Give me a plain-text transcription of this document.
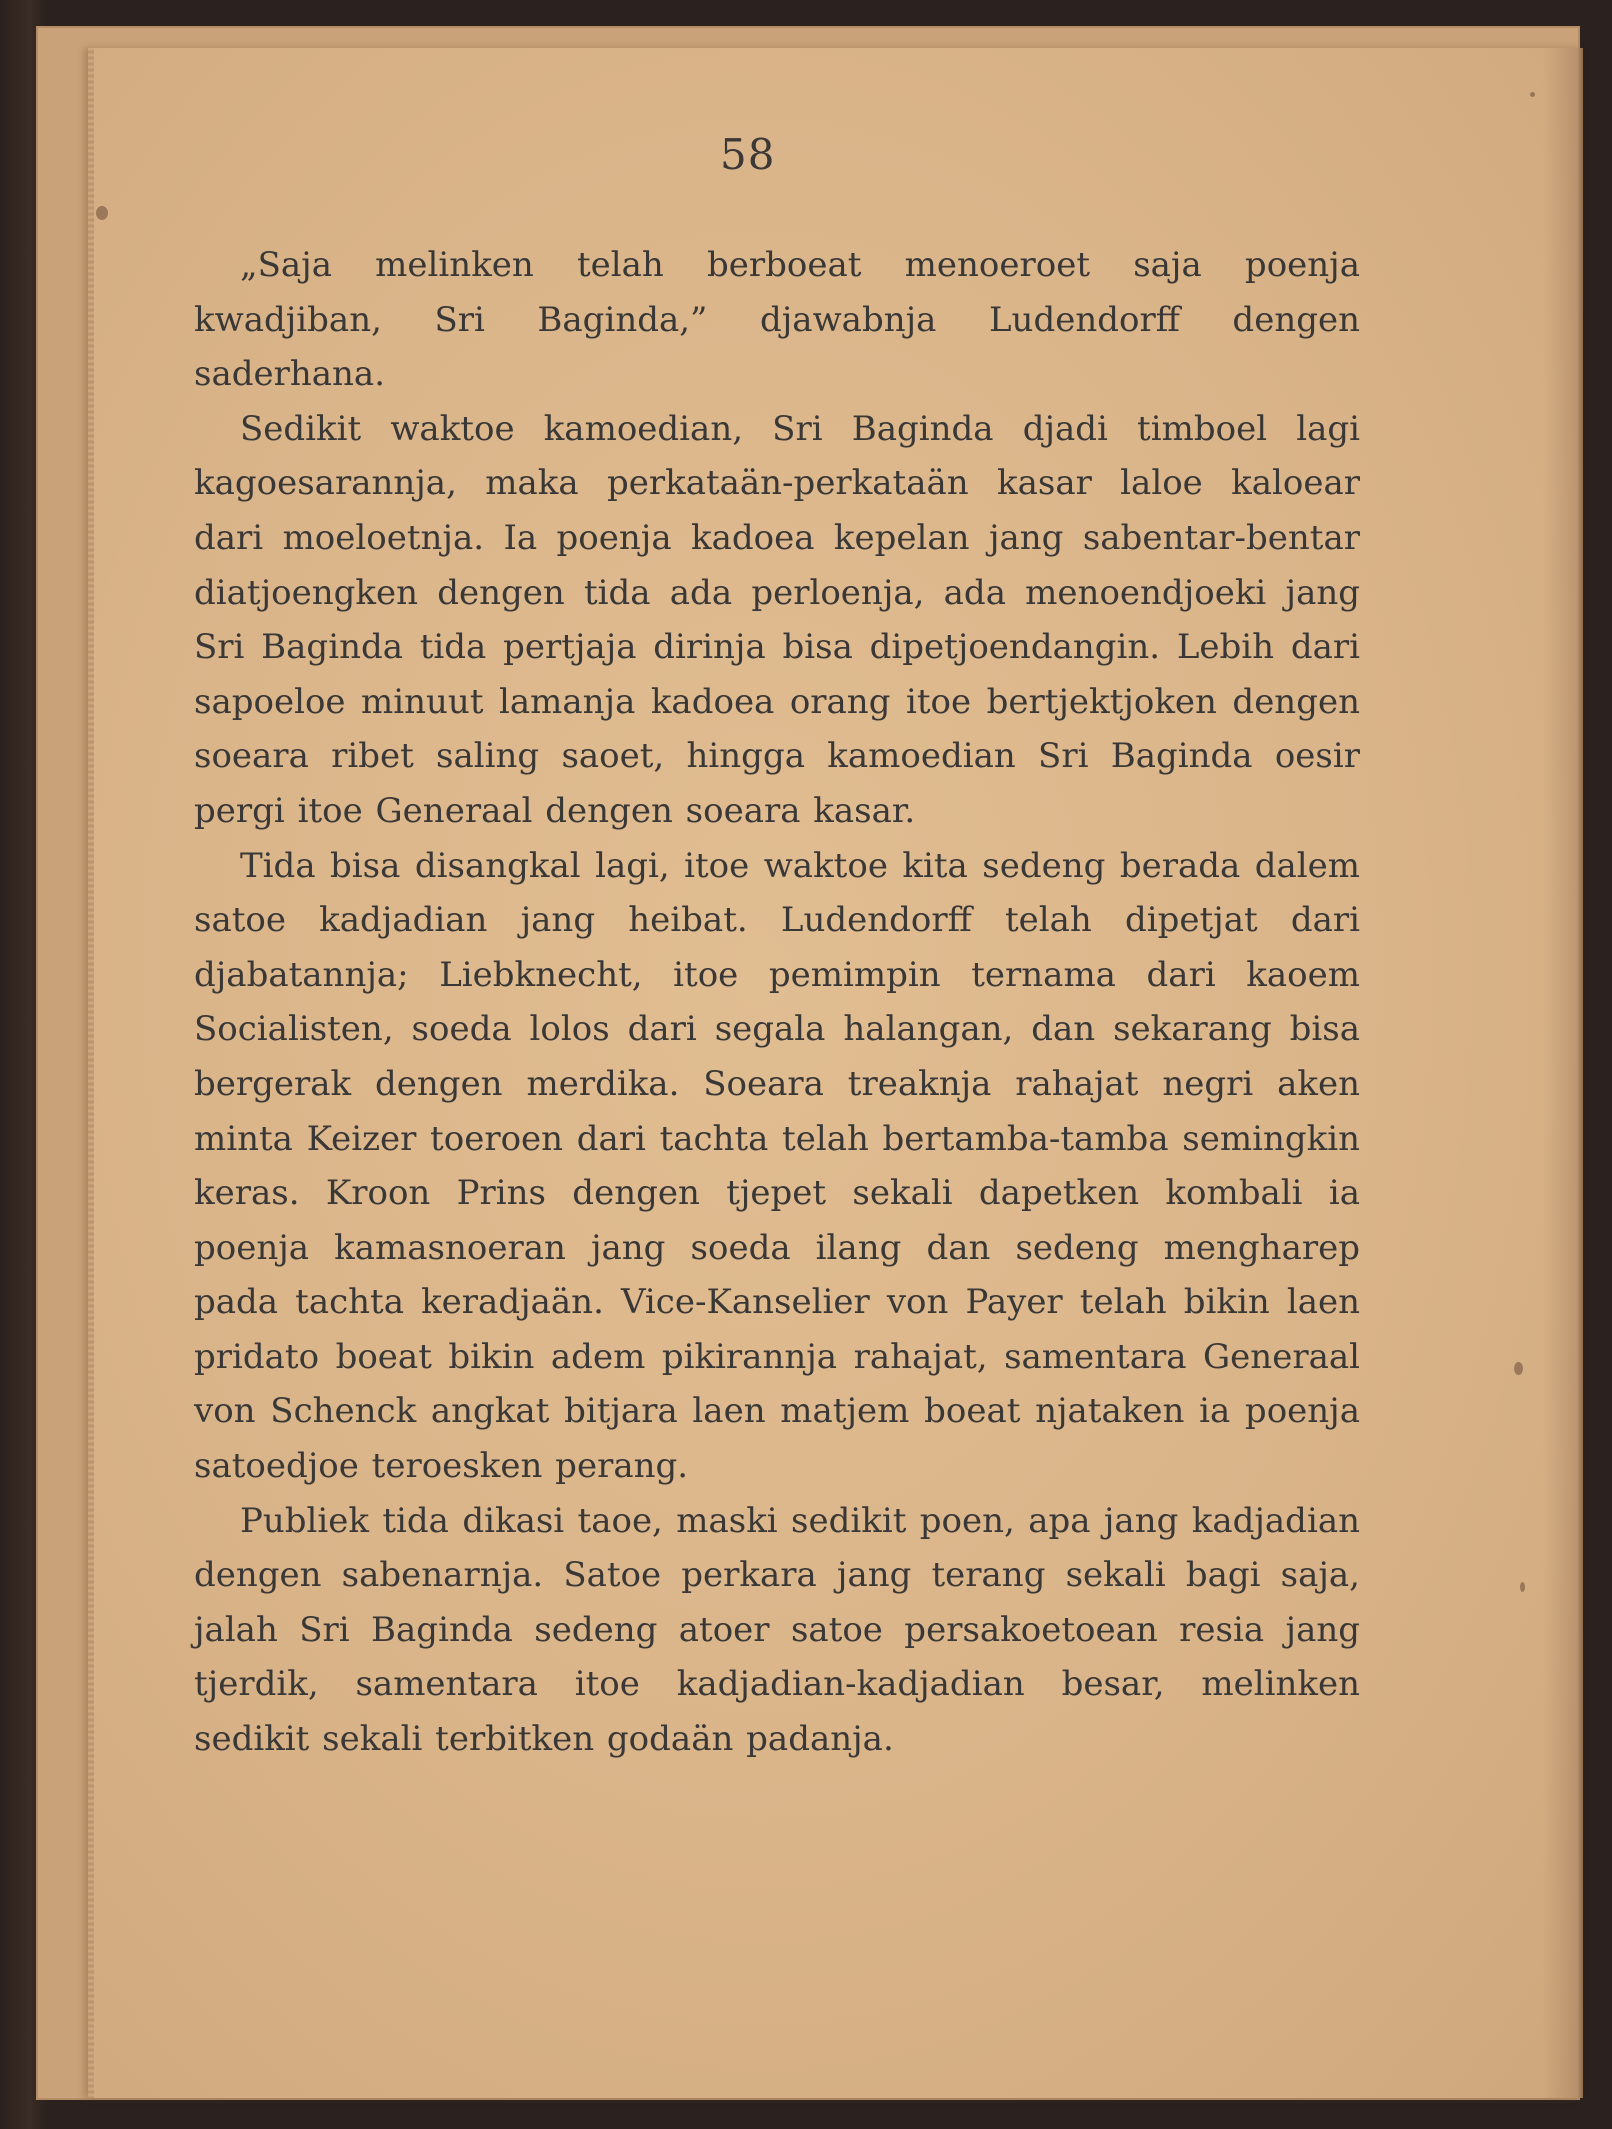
58

„Saja melinken telah berboeat menoeroet saja poenja kwadjiban, Sri Baginda,” djawabnja Ludendorff dengen saderhana.

Sedikit waktoe kamoedian, Sri Baginda djadi timboel lagi kagoesarannja, maka perkataän-perkataän kasar laloe kaloear dari moeloetnja. Ia poenja kadoea kepelan jang sabentar-bentar diatjoengken dengen tida ada perloenja, ada menoendjoeki jang Sri Baginda tida pertjaja dirinja bisa dipetjoendangin. Lebih dari sapoeloe minuut lamanja kadoea orang itoe bertjektjoken dengen soeara ribet saling saoet, hingga kamoedian Sri Baginda oesir pergi itoe Generaal dengen soeara kasar.

Tida bisa disangkal lagi, itoe waktoe kita sedeng berada dalem satoe kadjadian jang heibat. Ludendorff telah dipetjat dari djabatannja; Liebknecht, itoe pemimpin ternama dari kaoem Socialisten, soeda lolos dari segala halangan, dan sekarang bisa bergerak dengen merdika. Soeara treaknja rahajat negri aken minta Keizer toeroen dari tachta telah bertamba-tamba semingkin keras. Kroon Prins dengen tjepet sekali dapetken kombali ia poenja kamasnoeran jang soeda ilang dan sedeng mengharep pada tachta keradjaän. Vice-Kanselier von Payer telah bikin laen pridato boeat bikin adem pikirannja rahajat, samentara Generaal von Schenck angkat bitjara laen matjem boeat njataken ia poenja satoedjoe teroesken perang.

Publiek tida dikasi taoe, maski sedikit poen, apa jang kadjadian dengen sabenarnja. Satoe perkara jang terang sekali bagi saja, jalah Sri Baginda sedeng atoer satoe persakoetoean resia jang tjerdik, samentara itoe kadjadian-kadjadian besar, melinken sedikit sekali terbitken godaän padanja.
